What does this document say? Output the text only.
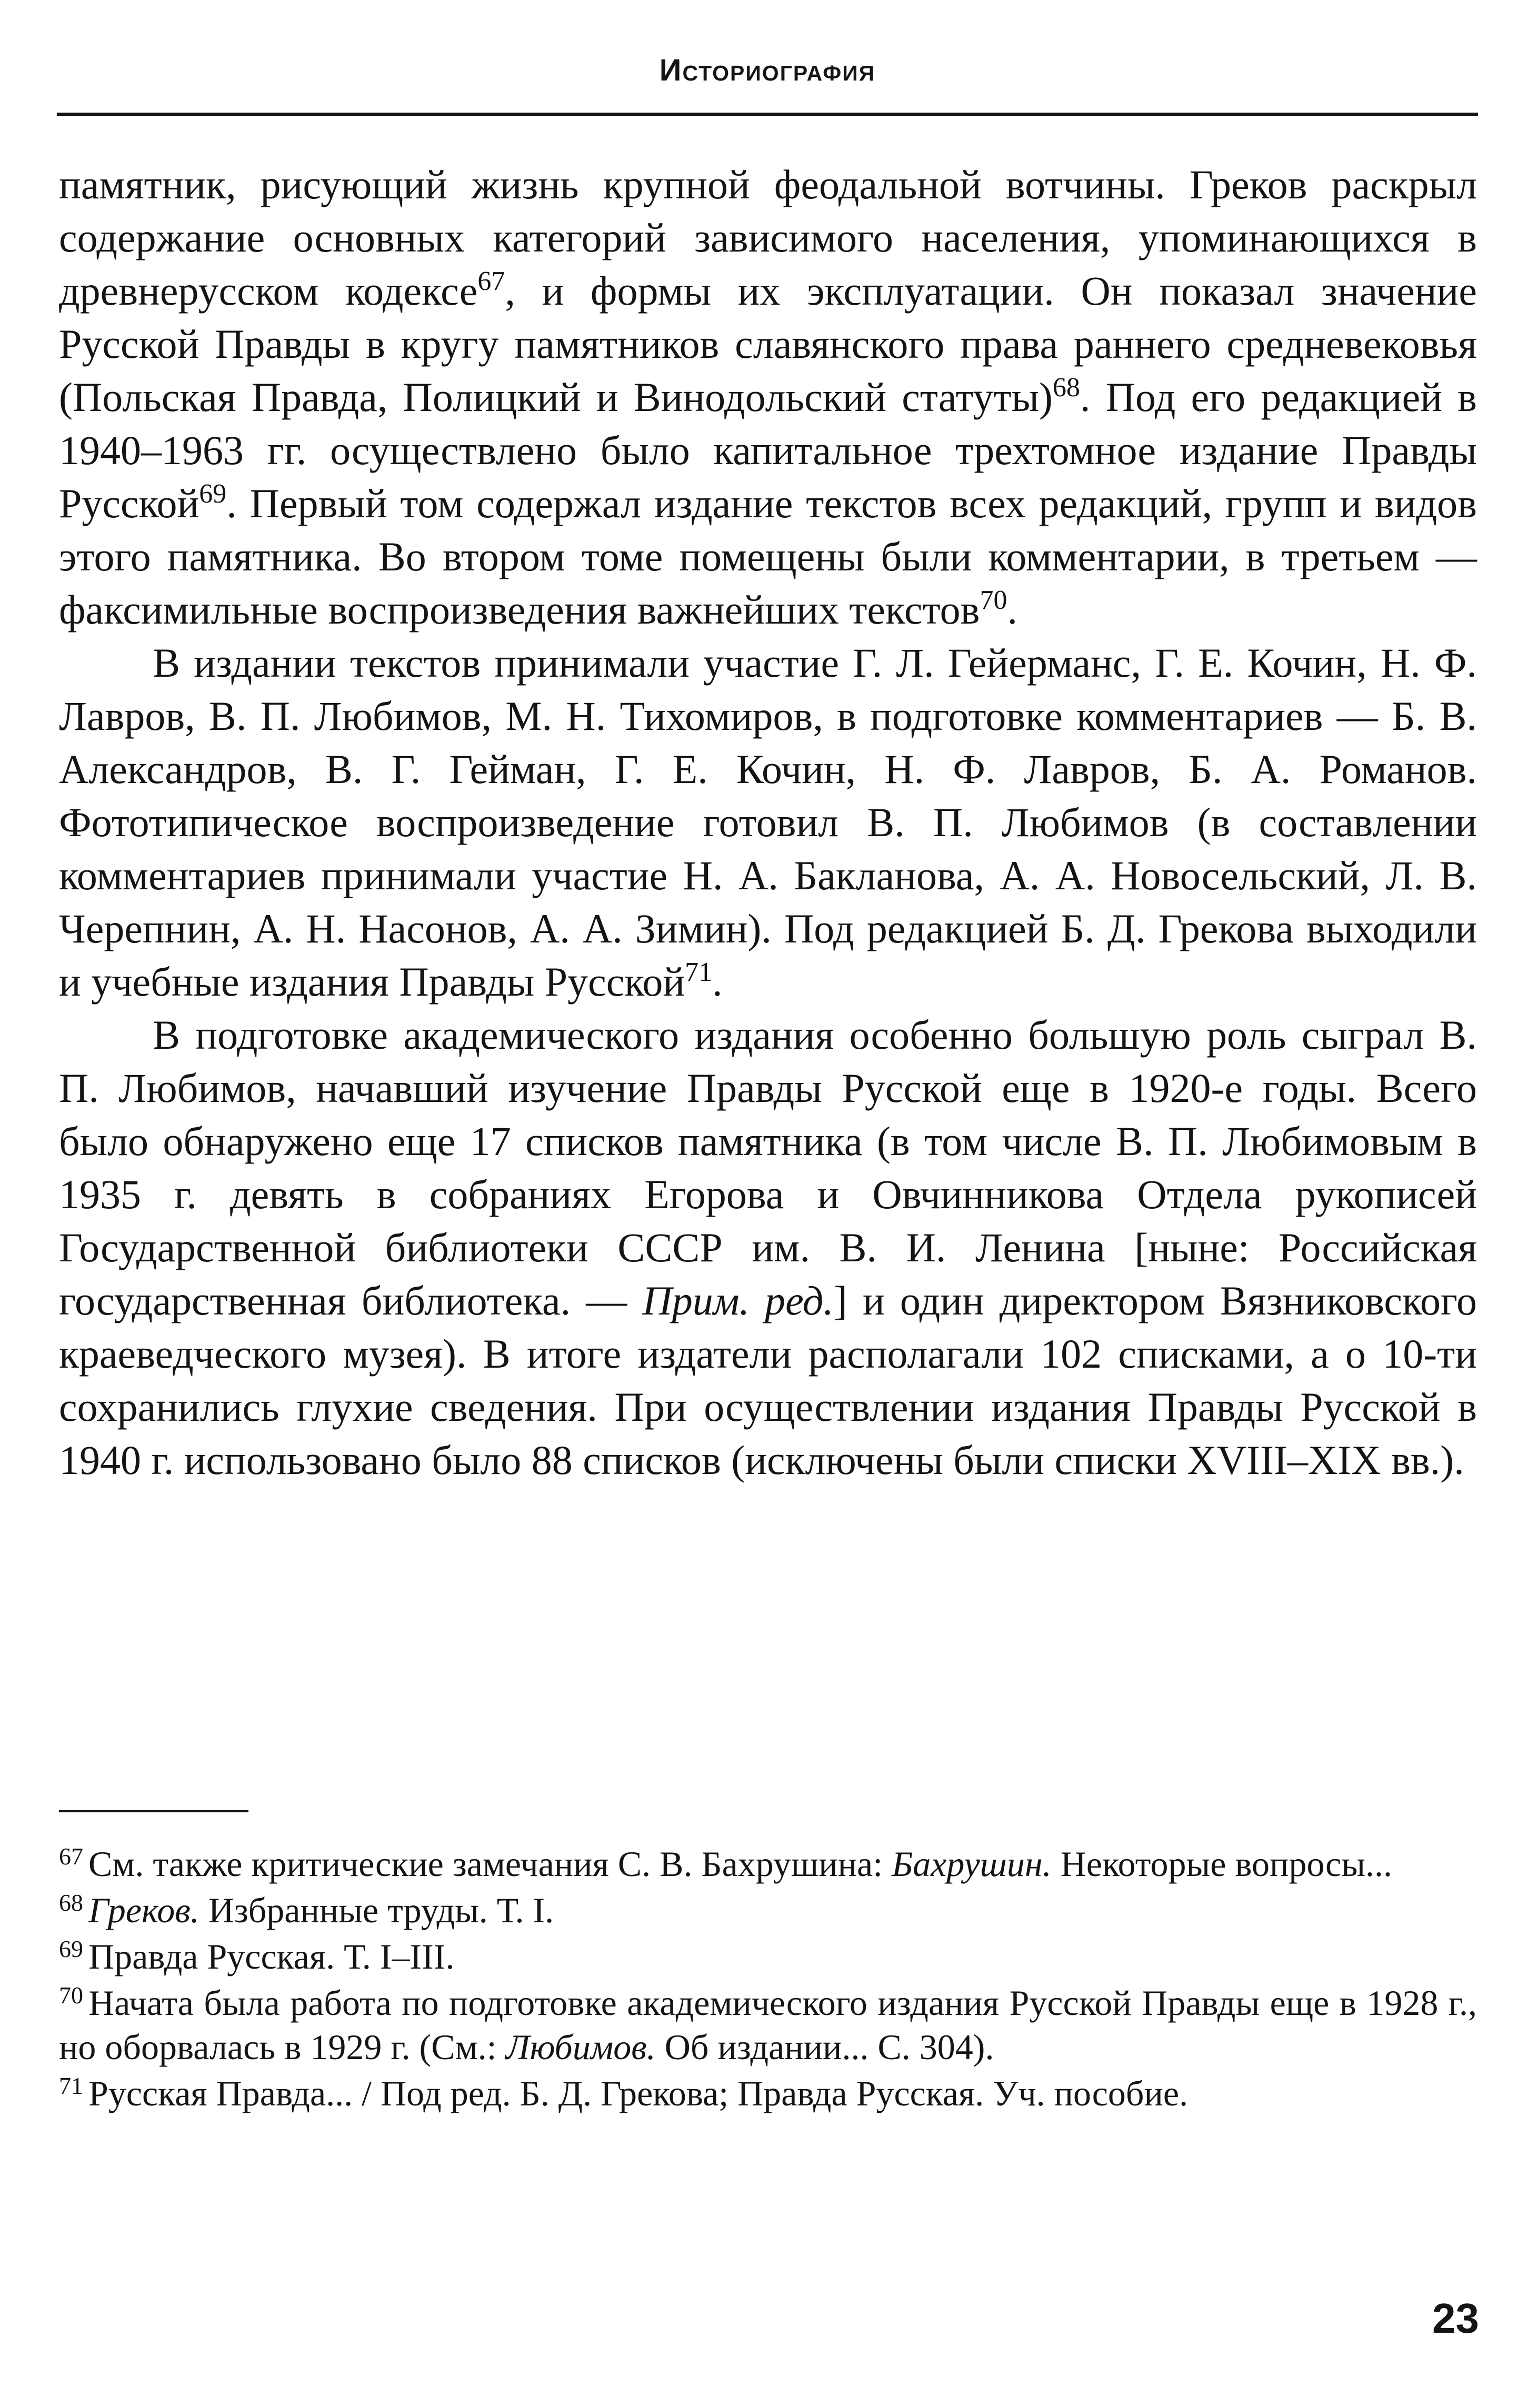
Историография

памятник, рисующий жизнь крупной феодальной вотчины. Греков раскрыл содержание основных категорий зависимого населения, упоминающихся в древнерусском кодексе$^{67}$, и формы их эксплуатации. Он показал значение Русской Правды в кругу памятников славянского права раннего средневековья (Польская Правда, Полицкий и Винодольский статуты)$^{68}$. Под его редакцией в 1940–1963 гг. осуществлено было капитальное трехтомное издание Правды Русской$^{69}$. Первый том содержал издание текстов всех редакций, групп и видов этого памятника. Во втором томе помещены были комментарии, в третьем — факсимильные воспроизведения важнейших текстов$^{70}$.

В издании текстов принимали участие Г. Л. Гейерманс, Г. Е. Кочин, Н. Ф. Лавров, В. П. Любимов, М. Н. Тихомиров, в подготовке комментариев — Б. В. Александров, В. Г. Гейман, Г. Е. Кочин, Н. Ф. Лавров, Б. А. Романов. Фототипическое воспроизведение готовил В. П. Любимов (в составлении комментариев принимали участие Н. А. Бакланова, А. А. Новосельский, Л. В. Черепнин, А. Н. Насонов, А. А. Зимин). Под редакцией Б. Д. Грекова выходили и учебные издания Правды Русской$^{71}$.

В подготовке академического издания особенно большую роль сыграл В. П. Любимов, начавший изучение Правды Русской еще в 1920-е годы. Всего было обнаружено еще 17 списков памятника (в том числе В. П. Любимовым в 1935 г. девять в собраниях Егорова и Овчинникова Отдела рукописей Государственной библиотеки СССР им. В. И. Ленина [ныне: Российская государственная библиотека. — Прим. ред.] и один директором Вязниковского краеведческого музея). В итоге издатели располагали 102 списками, а о 10-ти сохранились глухие сведения. При осуществлении издания Правды Русской в 1940 г. использовано было 88 списков (исключены были списки XVIII–XIX вв.).

$^{67}$ См. также критические замечания С. В. Бахрушина: Бахрушин. Некоторые вопросы...

$^{68}$ Греков. Избранные труды. Т. I.

$^{69}$ Правда Русская. Т. I–III.

$^{70}$ Начата была работа по подготовке академического издания Русской Правды еще в 1928 г., но оборвалась в 1929 г. (См.: Любимов. Об издании... С. 304).

$^{71}$ Русская Правда... / Под ред. Б. Д. Грекова; Правда Русская. Уч. пособие.

23
